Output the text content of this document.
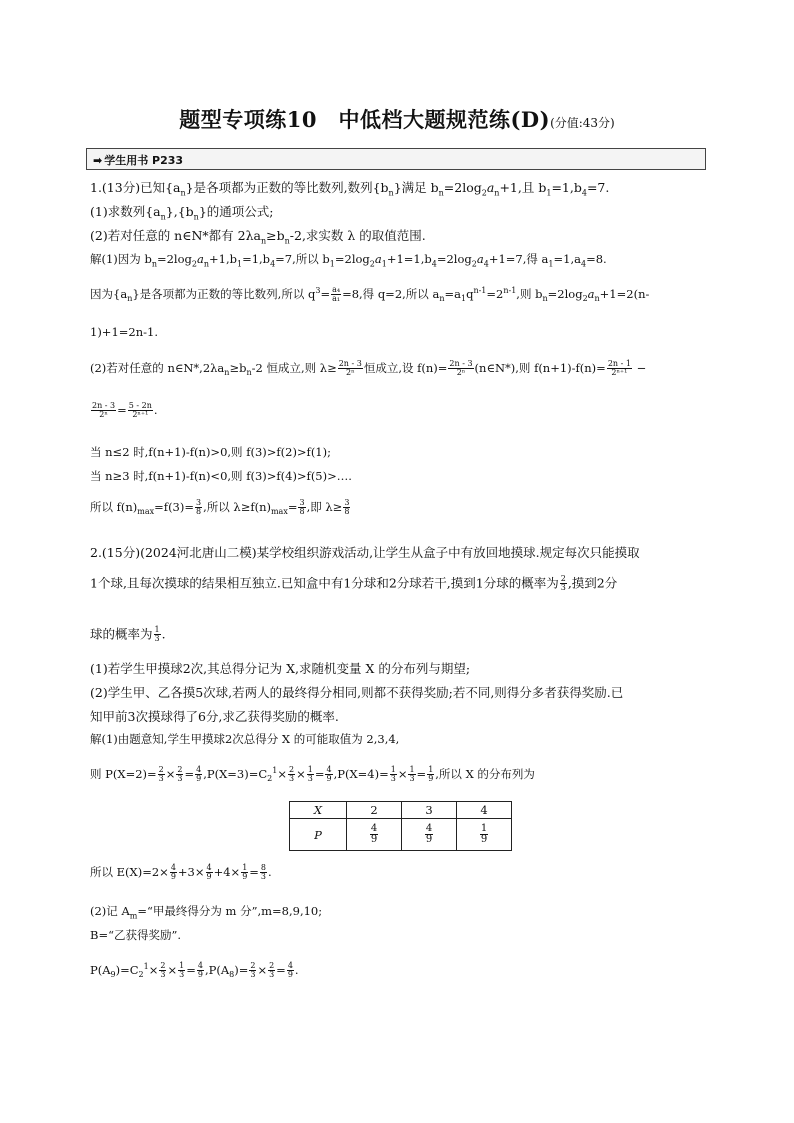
题型专项练10　中低档大题规范练(D)(分值:43分)
➡ 学生用书 P233
1.(13分)已知$\{a_n\}$是各项都为正数的等比数列,数列$\{b_n\}$满足 $b_n=2\log_2a_n+1$,且 $b_1=1,b_4=7$.
(1)求数列$\{a_n\},\{b_n\}$的通项公式;
(2)若对任意的 n∈N*都有 $2\lambda a_n\ge b_n-2$,求实数 λ 的取值范围.
解(1)因为 $b_n=2\log_2a_n+1,b_1=1,b_4=7$,所以 $b_1=2\log_2a_1+1=1,b_4=2\log_2a_4+1=7$,得 $a_1=1,a_4=8$.
因为$\{a_n\}$是各项都为正数的等比数列,所以 $q^3= \frac{\text{a₄}}{\text{a₁}} =8$,得 q=2,所以 $a_n=a_1q^{n-1}=2^{n-1}$,则 $b_n=2\log_2a_n+1=2(n-$
1)+1=2n-1.
(2)若对任意的 $n\in N*,2\lambda a_n\ge b_n-2$ 恒成立,则 $\lambda\ge \frac{2n - 3}{\text{2ⁿ}}$ 恒成立,设 $f(n)= \frac{2n - 3}{\text{2ⁿ}}$ (n∈N*),则 $f(n+1)-f(n)= \frac{2n - 1}{\text{2ⁿ⁺¹}}$ −
$\frac{2n - 3}{\text{2ⁿ}} = \frac{5 - 2n}{\text{2ⁿ⁺¹}}$ .
当 n≤2 时,f(n+1)-f(n)>0,则 f(3)>f(2)>f(1);
当 n≥3 时,f(n+1)-f(n)<0,则 f(3)>f(4)>f(5)>….
所以 $f(n)_{max}=f(3)= \frac{3}{8}$ ,所以 $\lambda\ge f(n)_{max}= \frac{3}{8}$ ,即 $\lambda\ge \frac{3}{8}$
2.(15分)(2024河北唐山二模)某学校组织游戏活动,让学生从盒子中有放回地摸球.规定每次只能摸取
1个球,且每次摸球的结果相互独立.已知盒中有1分球和2分球若干,摸到1分球的概率为 $\frac{2}{3}$ ,摸到2分
球的概率为 $\frac{1}{3}$ .
(1)若学生甲摸球2次,其总得分记为 X,求随机变量 X 的分布列与期望;
(2)学生甲、乙各摸5次球,若两人的最终得分相同,则都不获得奖励;若不同,则得分多者获得奖励.已
知甲前3次摸球得了6分,求乙获得奖励的概率.
解(1)由题意知,学生甲摸球2次总得分 X 的可能取值为 2,3,4,
则 $P(X=2)= \frac{2}{3} \times \frac{2}{3} = \frac{4}{9} ,P(X=3)=C_2^1\times \frac{2}{3} \times \frac{1}{3} = \frac{4}{9} ,P(X=4)= \frac{1}{3} \times \frac{1}{3} = \frac{1}{9}$ ,所以 X 的分布列为
X	2	3	4
P	$\frac{4}{9}$	$\frac{4}{9}$	$\frac{1}{9}$
所以 $E(X)=2\times \frac{4}{9} +3\times \frac{4}{9} +4\times \frac{1}{9} = \frac{8}{3}$ .
(2)记 $A_m=“$甲最终得分为 m 分”,m=8,9,10;
B=“乙获得奖励”.
$P(A_9)=C_2^1\times \frac{2}{3} \times \frac{1}{3} = \frac{4}{9} ,P(A_8)= \frac{2}{3} \times \frac{2}{3} = \frac{4}{9}$ .
